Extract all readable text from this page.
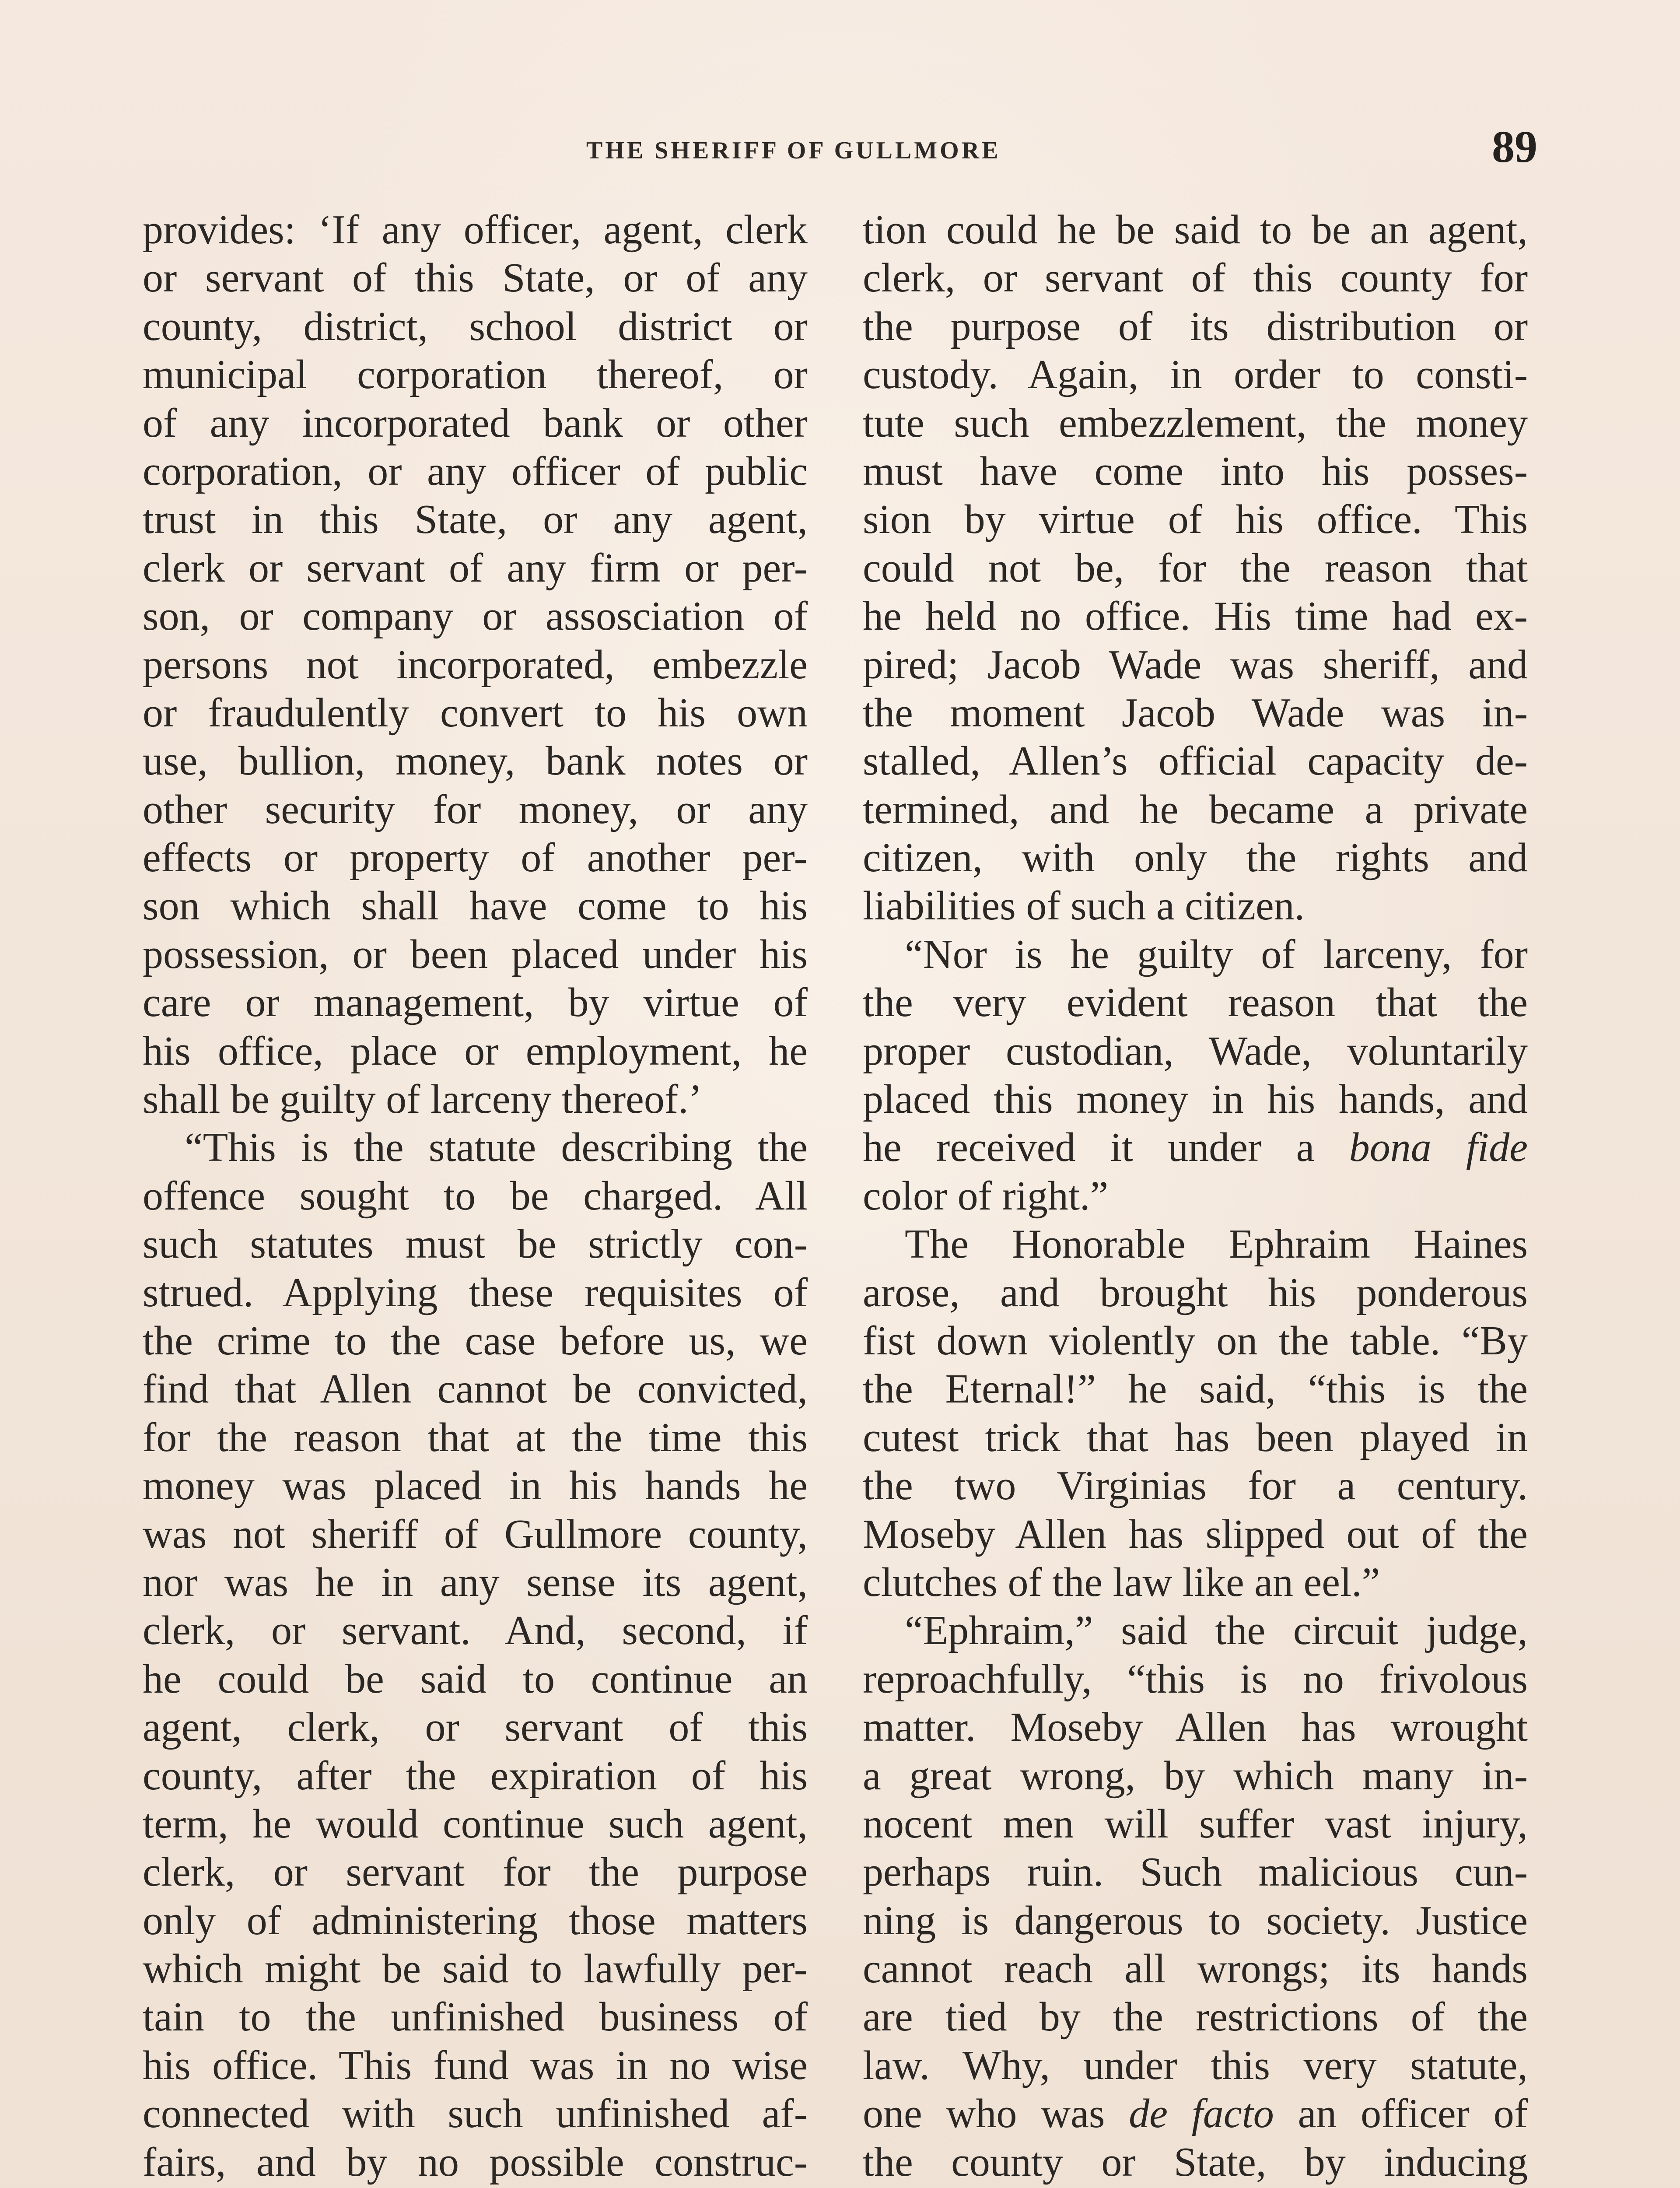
THE SHERIFF OF GULLMORE	89
provides: ‘If any officer, agent, clerk
or servant of this State, or of any
county, district, school district or
municipal corporation thereof, or
of any incorporated bank or other
corporation, or any officer of public
trust in this State, or any agent,
clerk or servant of any firm or per-
son, or company or assosciation of
persons not incorporated, embezzle
or fraudulently convert to his own
use, bullion, money, bank notes or
other security for money, or any
effects or property of another per-
son which shall have come to his
possession, or been placed under his
care or management, by virtue of
his office, place or employment, he
shall be guilty of larceny thereof.’
“This is the statute describing the
offence sought to be charged. All
such statutes must be strictly con-
strued. Applying these requisites of
the crime to the case before us, we
find that Allen cannot be convicted,
for the reason that at the time this
money was placed in his hands he
was not sheriff of Gullmore county,
nor was he in any sense its agent,
clerk, or servant. And, second, if
he could be said to continue an
agent, clerk, or servant of this
county, after the expiration of his
term, he would continue such agent,
clerk, or servant for the purpose
only of administering those matters
which might be said to lawfully per-
tain to the unfinished business of
his office. This fund was in no wise
connected with such unfinished af-
fairs, and by no possible construc-
tion could he be said to be an agent,
clerk, or servant of this county for
the purpose of its distribution or
custody. Again, in order to consti-
tute such embezzlement, the money
must have come into his posses-
sion by virtue of his office. This
could not be, for the reason that
he held no office. His time had ex-
pired; Jacob Wade was sheriff, and
the moment Jacob Wade was in-
stalled, Allen’s official capacity de-
termined, and he became a private
citizen, with only the rights and
liabilities of such a citizen.
“Nor is he guilty of larceny, for
the very evident reason that the
proper custodian, Wade, voluntarily
placed this money in his hands, and
he received it under a bona fide
color of right.”
The Honorable Ephraim Haines
arose, and brought his ponderous
fist down violently on the table. “By
the Eternal!” he said, “this is the
cutest trick that has been played in
the two Virginias for a century.
Moseby Allen has slipped out of the
clutches of the law like an eel.”
“Ephraim,” said the circuit judge,
reproachfully, “this is no frivolous
matter. Moseby Allen has wrought
a great wrong, by which many in-
nocent men will suffer vast injury,
perhaps ruin. Such malicious cun-
ning is dangerous to society. Justice
cannot reach all wrongs; its hands
are tied by the restrictions of the
law. Why, under this very statute,
one who was de facto an officer of
the county or State, by inducing
